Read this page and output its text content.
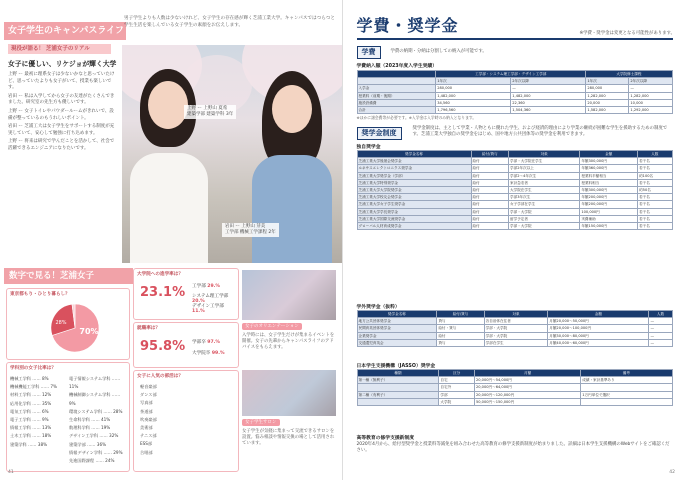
女子学生のキャンパスライフ
男子学生よりも人数は少ないけれど、女子学生の存在感が輝く芝浦工業大学。キャンパスではつらつと学生生活を楽しんでいる女子学生の素顔をお伝えします。
現役が語る！ 芝浦女子のリアル
女子に優しい、リケジョが輝く大学

上野 ー 最初に理系女子は少ないかなと思っていたけど、思っていたよりも女子がいて、授業も楽しいです。

岩田 ー 私は入学してから女子の友達がたくさんできました。研究室の先生方も優しいです。

上野 ー 女子トイレやパウダールームがきれいで、設備が整っているのもうれしいポイント。

岩田 ー 芝浦工大は女子学生をサポートする制度が充実していて、安心して勉強に打ち込めます。

上野 ー 将来は研究で学んだことを活かして、社会で活躍できるエンジニアになりたいです。

上野 ー 上野山 夏希
建築学部 建築学科 3年
岩田 ー 上野山 芽美
工学部 機械工学課程 2年
数字で見る！芝浦女子
東京都もり・ひとり暮らし？
70%
28%
学科別の女子比率は？
機械工学科 …… 8%
機械機能工学科 …… 7%
材料工学科 …… 12%
応用化学科 …… 35%
電気工学科 …… 6%
電子工学科 …… 9%
情報工学科 …… 13%
土木工学科 …… 18%
建築学科 …… 38%
電子情報システム学科 …… 11%
機械制御システム学科 …… 9%
環境システム学科 …… 28%
生命科学科 …… 41%
数理科学科 …… 19%
デザイン工学科 …… 32%
建築学部 …… 36%
情報デザイン学科 …… 29%
先進国際課程 …… 24%
大学院への進学率は？
23.1% 工学部 29.%
システム理工学部 20.%
デザイン工学部 11.%
就職率は？
95.8% 学部卒 97.%
大学院卒 99.%
女子に人気の部活は？
軽音楽部
ダンス部
写真部
茶道部
吹奏楽部
美術部
テニス部
ESS部
合唱部
女子のオリエンテーション
入学時には、女子学生だけが集まるイベントを開催。女子の先輩からキャンパスライフのアドバイスをもらえます。
女子学生サロン
女子学生が気軽に集まって交流できるサロンを設置。悩み相談や情報交換の場として活用されています。
41
学費・奨学金	※学費・奨学金は変更となる可能性があります。
学費	学費の納期・分納は分割しての納入が可能です。
学費納入額（2023年度入学生実績）
	工学部・システム理工学部・デザイン工学部		大学院修士課程	
	1年次	2年次以降	1年次	2年次以降
入学金	280,000	—	280,000	—
授業料（前期・後期）	1,482,000	1,482,000	1,282,000	1,282,000
施設設備費	34,560	22,360	20,000	10,000
合計	1,796,560	1,504,360	1,582,000	1,292,000
※ほかに諸会費等が必要です。※入学金は入学時のみ納入となります。
奨学金制度
奨学金制度は、主として学業・人物ともに優れた学生、および経済的理由により学業の継続が困難な学生を援助するための制度です。芝浦工業大学独自の奨学金をはじめ、国や地方公共団体等の奨学金を利用できます。
独自奨学金
奨学金名称	給付/貸与	対象	金額	人数
芝浦工業大学後援会奨学金	給付	学部・大学院在学生	年額300,000円	若干名
ルネサスエレクトロニクス奨学金	給付	学部2年次以上	年額360,000円	若干名
芝浦工業大学奨学金（学部）	給付	学部2〜4年次生	授業料半額相当	約100名
芝浦工業大学特別奨学金	給付	家計急変者	授業料相当	若干名
芝浦工業大学大学院奨学金	給付	大学院在学生	年額300,000円	約50名
芝浦工業大学校友会奨学金	給付	学部3年次生	年額200,000円	若干名
芝浦工業大学女子学生奨学金	給付	女子学部在学生	年額200,000円	若干名
芝浦工業大学学長奨学金	給付	学部・大学院	100,000円	若干名
芝浦工業大学国際交流奨学金	給付	留学予定者	実費補助	若干名
グローバル人材育成奨学金	給付	学部・大学院	年額150,000円	若干名
学外奨学金（抜粋）
奨学金名称	給付/貸与	対象	金額	人数
地方公共団体奨学金	貸与	各自治体在住者	月額20,000〜50,000円	—
民間育英団体奨学金	給付・貸与	学部・大学院	月額20,000〜100,000円	—
企業奨学金	給付	学部・大学院	月額30,000〜80,000円	—
交通遺児育英会	貸与	学部在学生	月額40,000〜60,000円	—
日本学生支援機構（JASSO）奨学金
種類	区分	月額	備考
第一種（無利子）	自宅	20,000円〜54,000円	成績・家計基準あり
	自宅外	20,000円〜64,000円	
第二種（有利子）	学部	20,000円〜120,000円	1万円単位で選択
	大学院	50,000円〜150,000円	
高等教育の修学支援新制度
2020年4月から、給付型奨学金と授業料等減免を組み合わせた高等教育の修学支援新制度が始まりました。詳細は日本学生支援機構のWebサイトをご確認ください。
42
